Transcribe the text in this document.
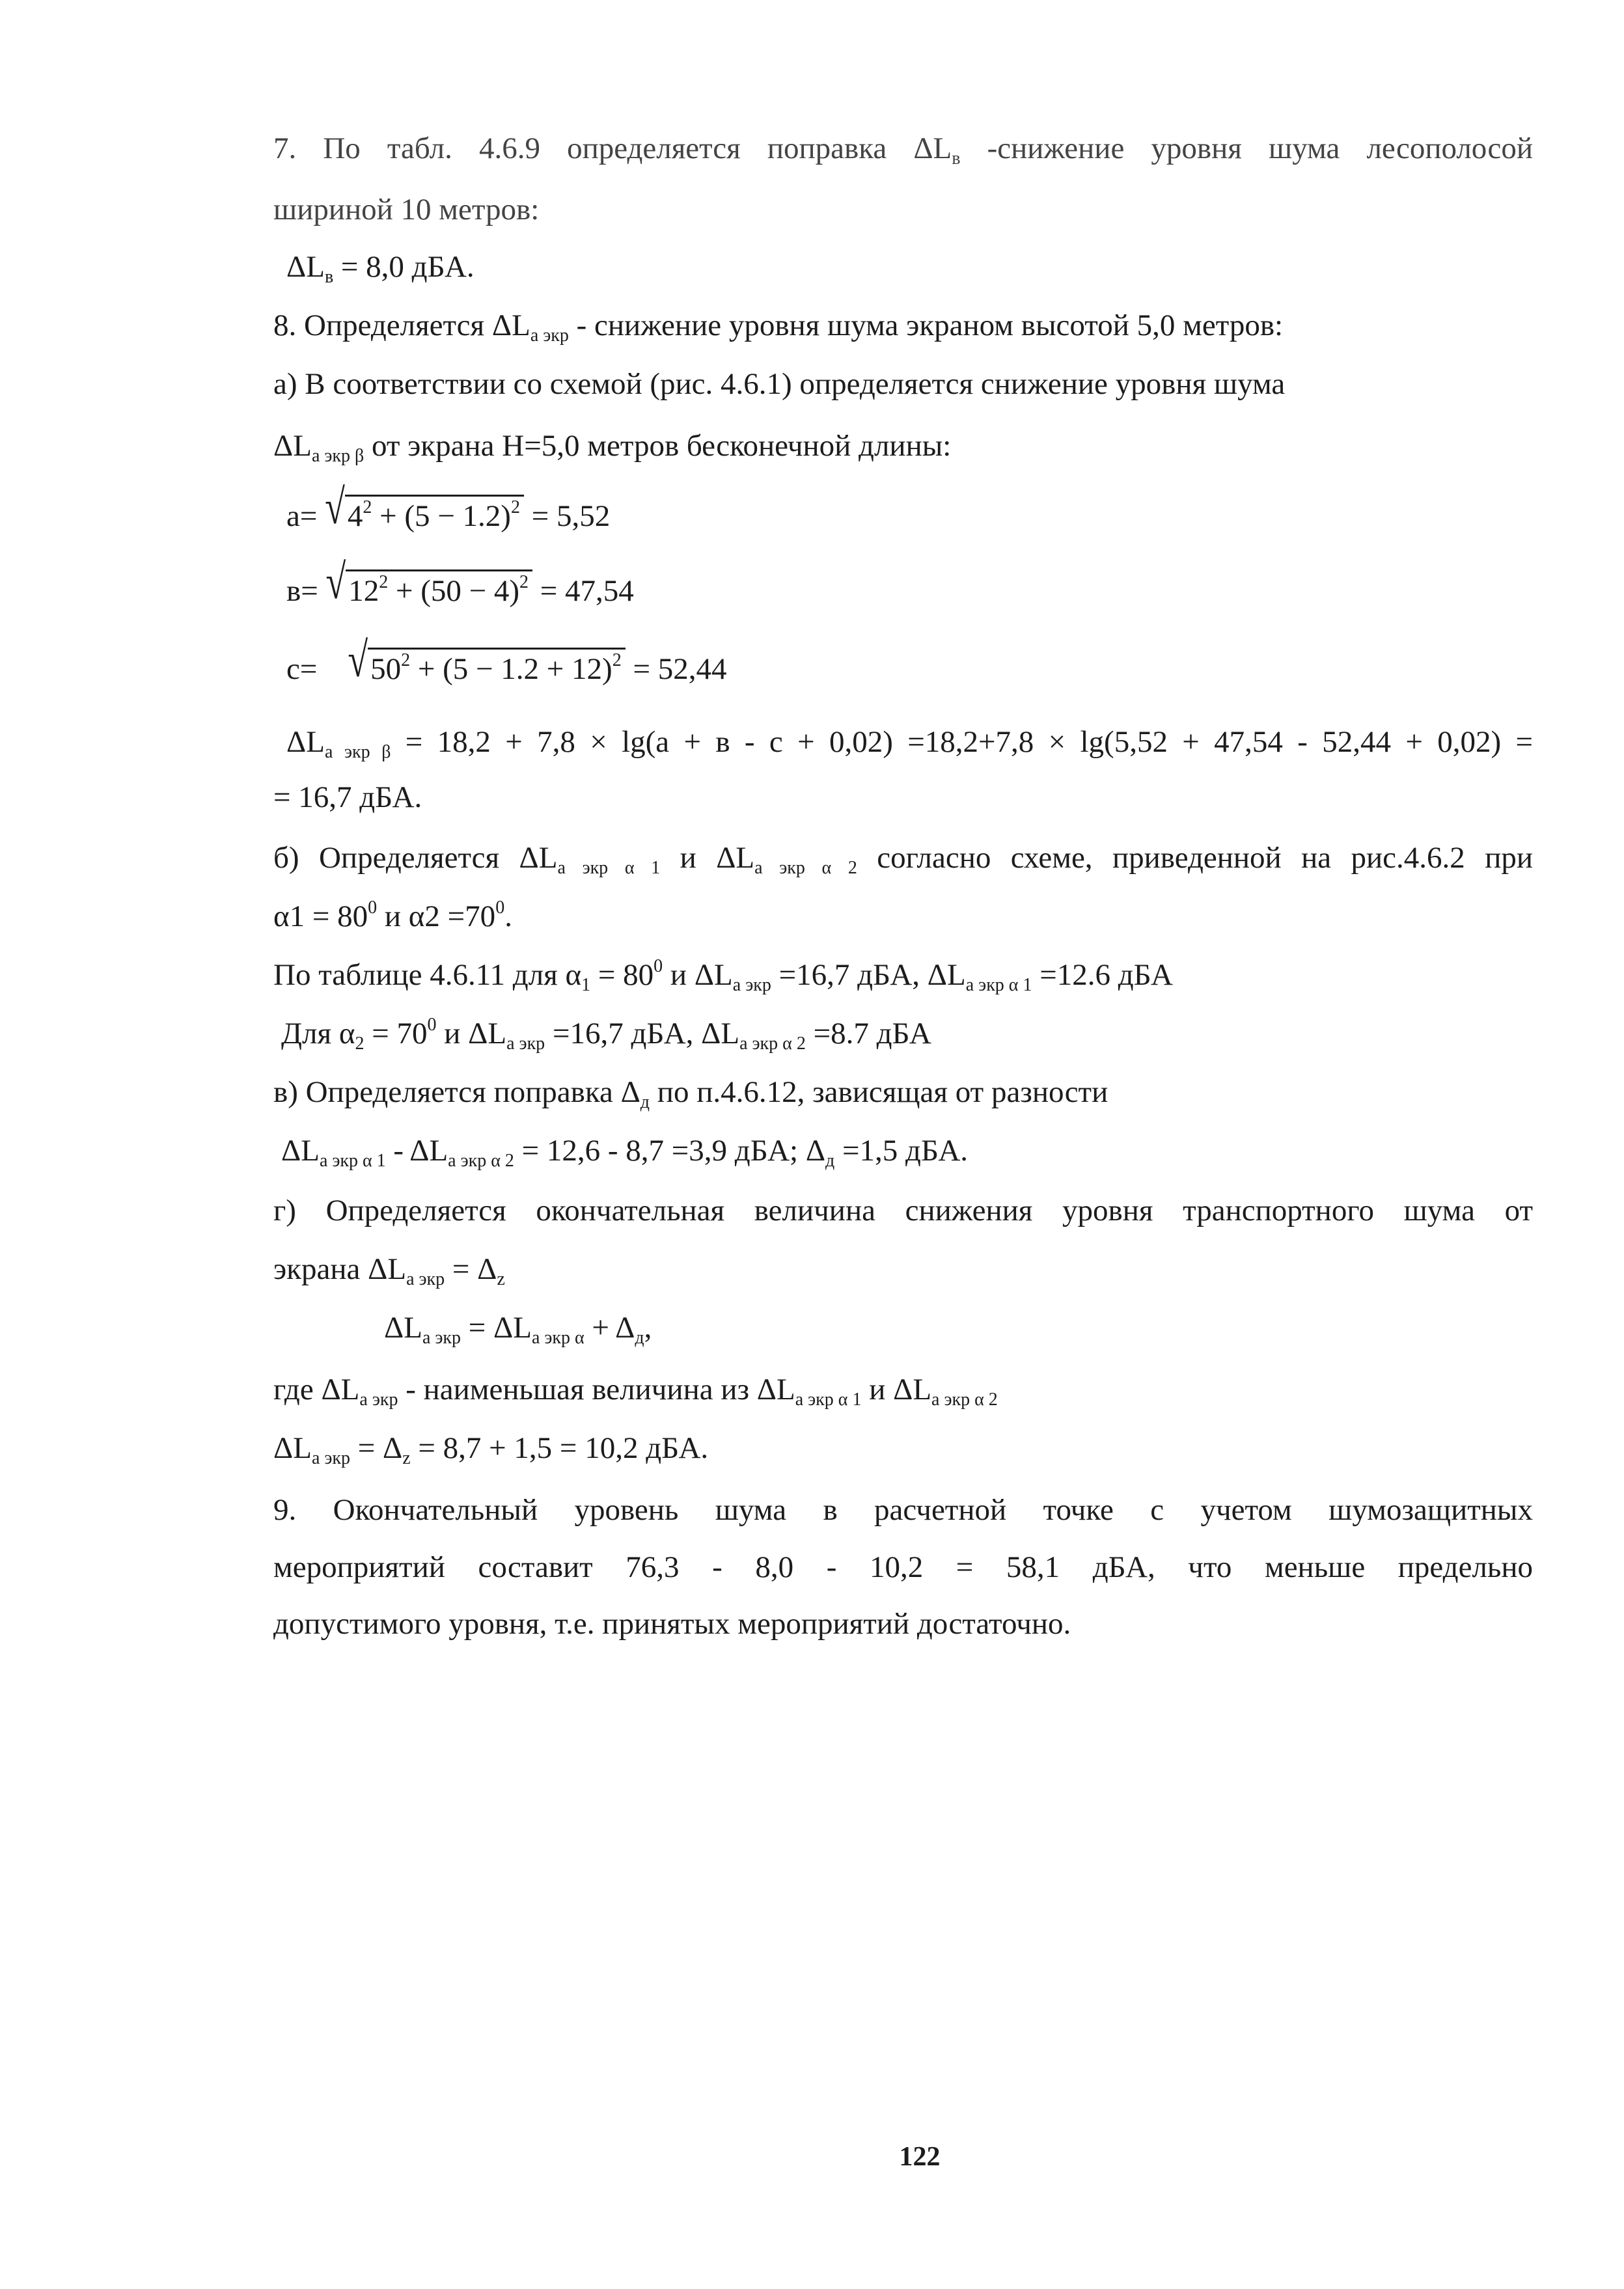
7. По табл. 4.6.9 определяется поправка ΔLв -снижение уровня шума лесополосой
шириной 10 метров:
ΔLв = 8,0 дБА.
8. Определяется ΔLa экр - снижение уровня шума экраном высотой 5,0 метров:
а) В соответствии со схемой (рис. 4.6.1) определяется снижение уровня шума
ΔLa экр β от экрана H=5,0 метров бесконечной длины:
$а= √4^2 + (5 - 1.2)^2 = 5,52$
$в= √12^2 + (50 - 4)^2 = 47,54$
$с= √50^2 + (5 - 1.2 + 12)^2 = 52,44$
ΔLa экр β = 18,2 + 7,8 × lg(a + в - c + 0,02) =18,2+7,8 × lg(5,52 + 47,54 - 52,44 + 0,02) =
= 16,7 дБА.
б) Определяется ΔLa экр α 1 и ΔLa экр α 2 согласно схеме, приведенной на рис.4.6.2 при
$\alpha 1 = 80^0$ и $\alpha 2 =70^0$.
По таблице 4.6.11 для $\alpha 1 = 80^0$ и ΔLa экр =16,7 дБА, ΔLa экр α 1 =12.6 дБА
Для $\alpha 2 = 70^0$ и ΔLa экр =16,7 дБА, ΔLa экр α 2 =8.7 дБА
в) Определяется поправка Δд по п.4.6.12, зависящая от разности
ΔLa экр α 1 - ΔLa экр α 2 = 12,6 - 8,7 =3,9 дБА; Δд =1,5 дБА.
г) Определяется окончательная величина снижения уровня транспортного шума от
экрана ΔLa экр = Δz
ΔLa экр = ΔLa экр α + Δд,
где ΔLa экр - наименьшая величина из ΔLa экр α 1 и ΔLa экр α 2
ΔLa экр = Δz = 8,7 + 1,5 = 10,2 дБА.
9. Окончательный уровень шума в расчетной точке с учетом шумозащитных
мероприятий составит 76,3 - 8,0 - 10,2 = 58,1 дБА, что меньше предельно
допустимого уровня, т.е. принятых мероприятий достаточно.
122
